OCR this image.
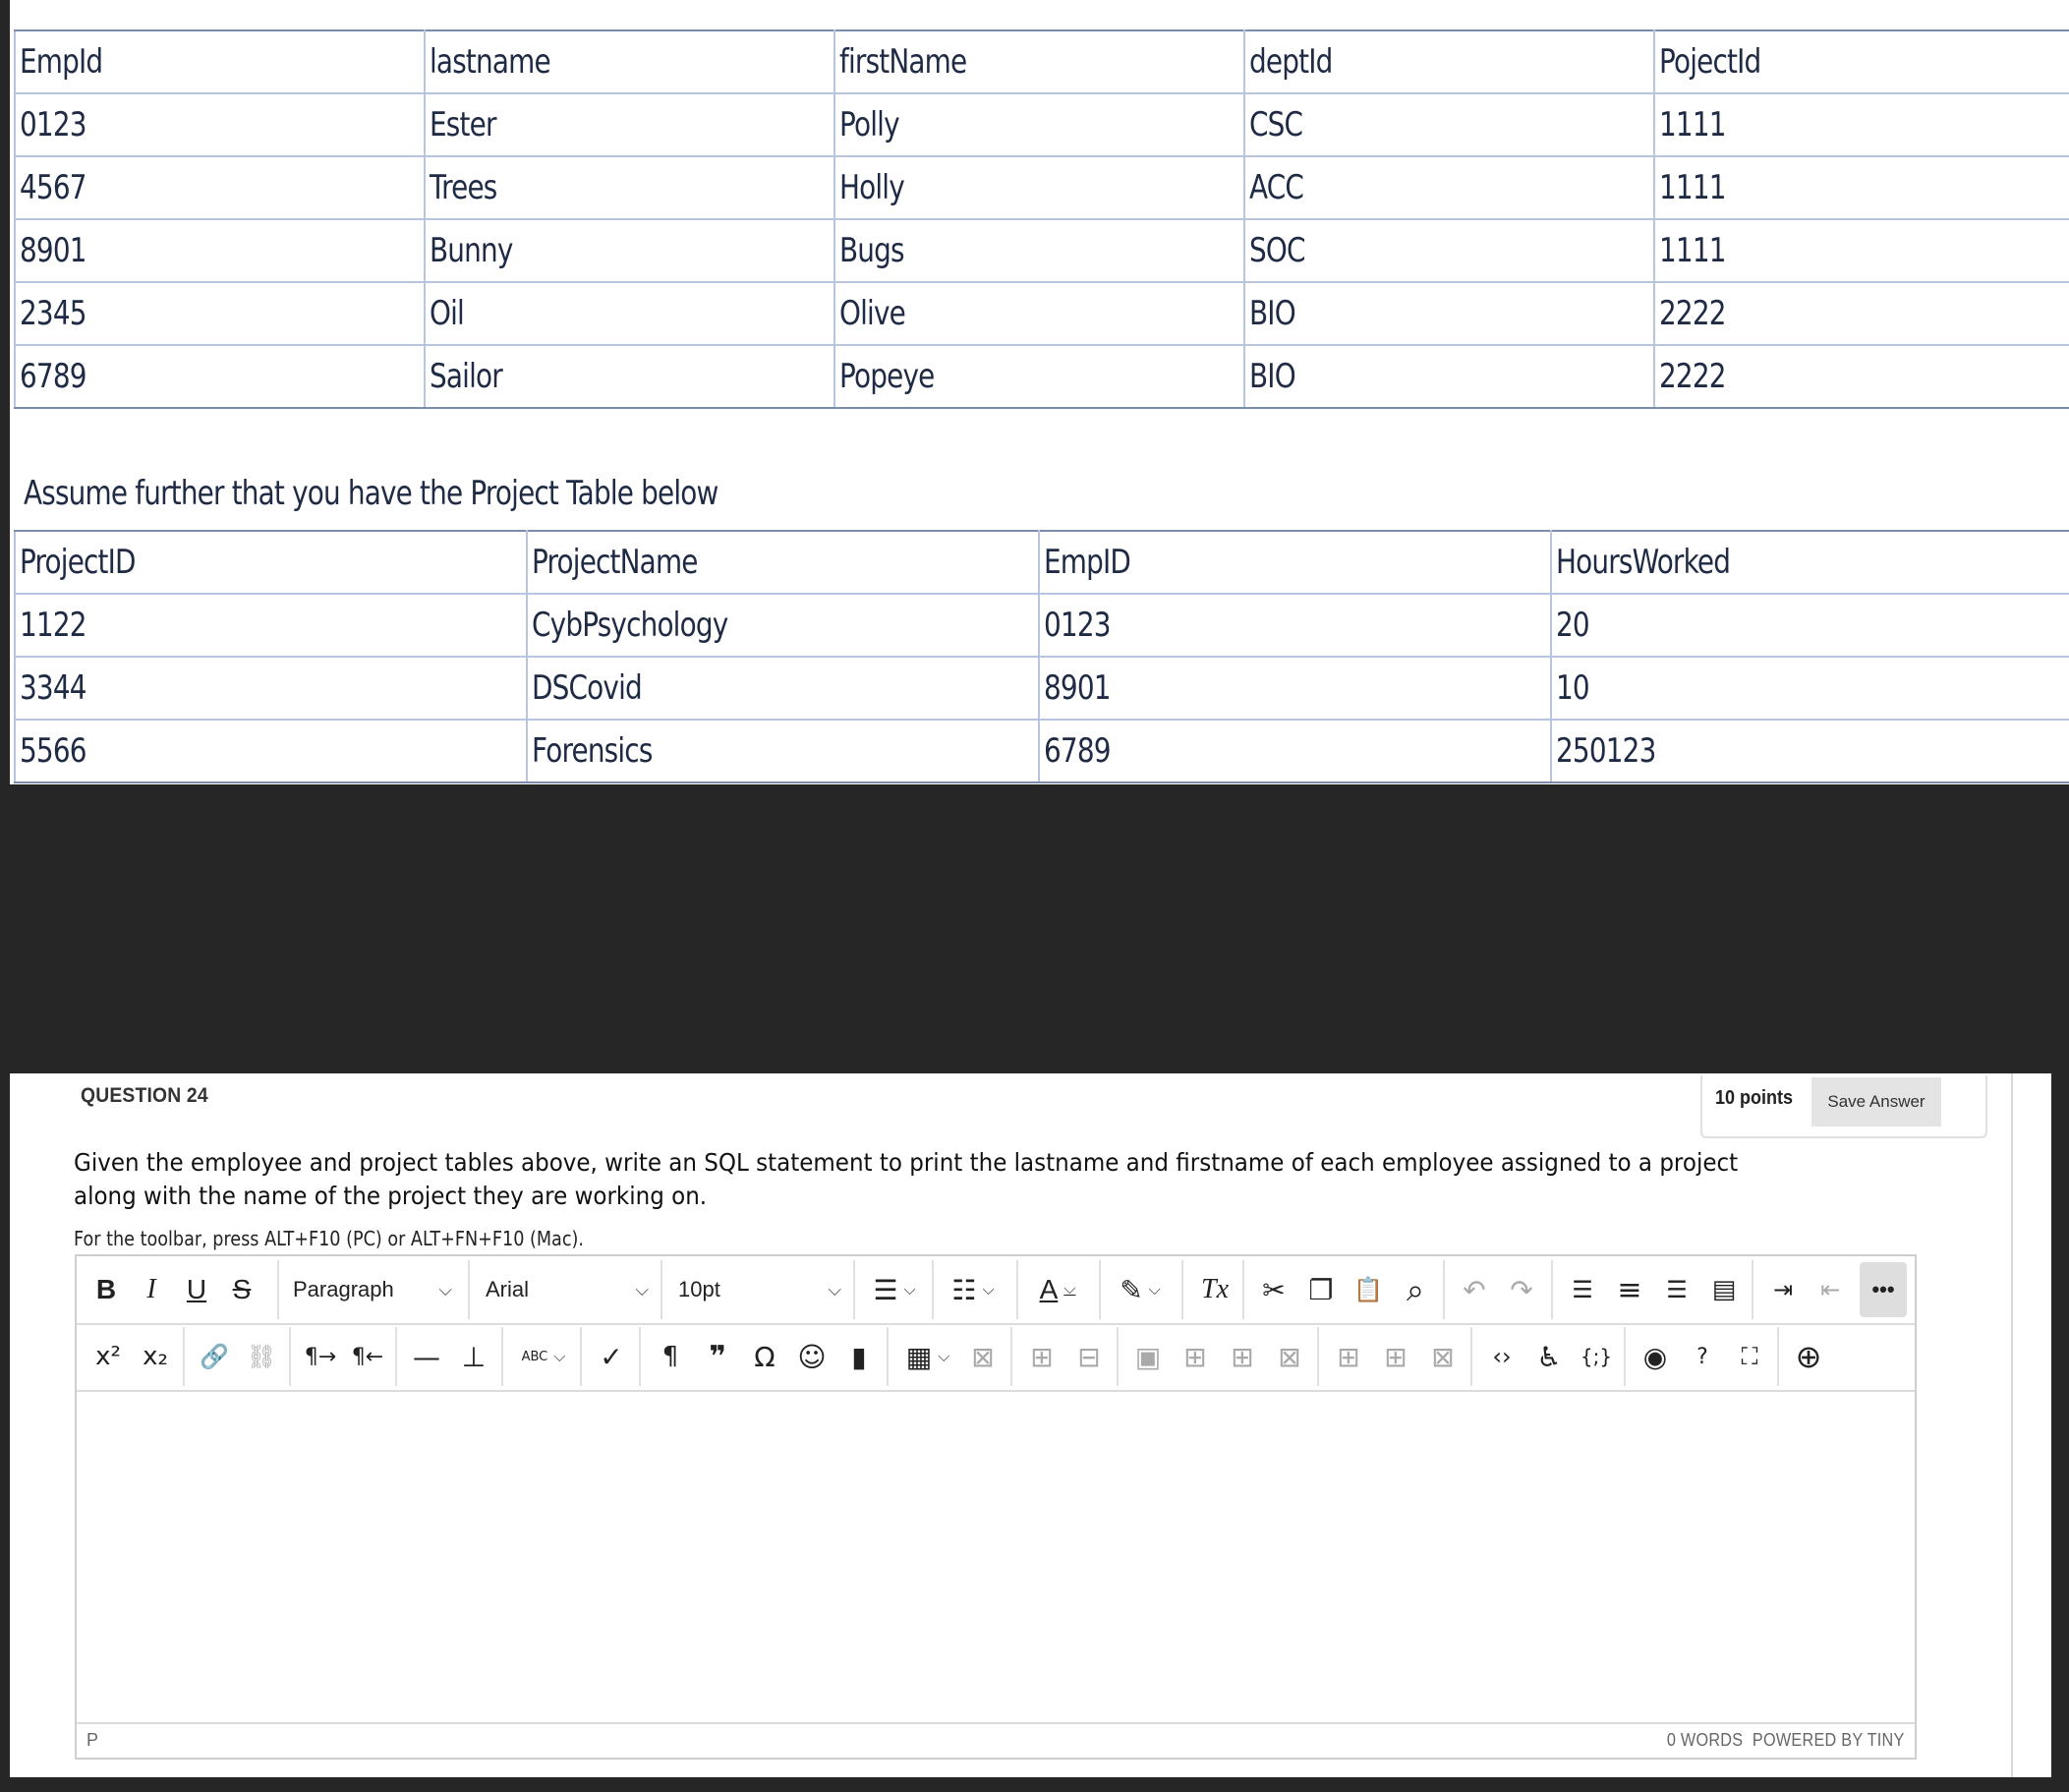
EmpId	lastname	firstName	deptId	PojectId

0123	Ester	Polly	CSC	1111

4567	Trees	Holly	ACC	1111

8901	Bunny	Bugs	SOC	1111

2345	Oil	Olive	BIO	2222

6789	Sailor	Popeye	BIO	2222
Assume further that you have the Project Table below
ProjectID	ProjectName	EmpID	HoursWorked

1122	CybPsychology	0123	20

3344	DSCovid	8901	10

5566	Forensics	6789	250123
QUESTION 24	10 points	Save Answer
Given the employee and project tables above, write an SQL statement to print the lastname and firstname of each employee assigned to a project along with the name of the project they are working on.
For the toolbar, press ALT+F10 (PC) or ALT+FN+F10 (Mac).
B	I	U S	Paragraph	⌵ Arial	⌵ 10pt	⌵ ☰ ⌵ ☷ ⌵ A ⌵ ✎ ⌵	Tx	✂ ❐ 📋 ⌕	↶ ↷	☰ ≡	☰ ▤	⇥	⇤	•••
x² x₂	🔗 ⛓	¶→ ¶← — ⊥	ABC ⌵	✓	¶	❞	Ω ☺ ▮	▦ ⌵ ⊠	⊞ ⊟	▣ ⊞ ⊞ ⊠	⊞ ⊞ ⊠	‹› ♿ {;}	◉	?	⛶	⊕
P	0 WORDS POWERED BY TINY
